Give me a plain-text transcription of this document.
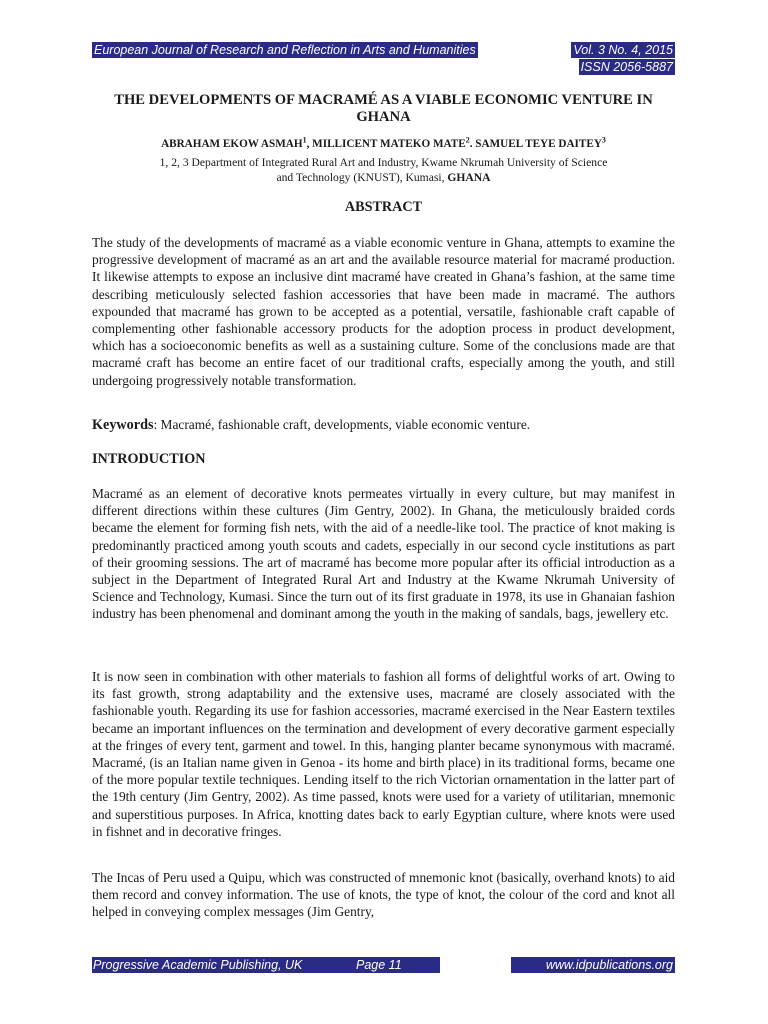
European Journal of Research and Reflection in Arts and Humanities	Vol. 3 No. 4, 2015
ISSN 2056-5887
THE DEVELOPMENTS OF MACRAMÉ AS A VIABLE ECONOMIC VENTURE IN GHANA
ABRAHAM EKOW ASMAH$^1$, MILLICENT MATEKO MATE$^2$. SAMUEL TEYE DAITEY$^3$
1, 2, 3 Department of Integrated Rural Art and Industry, Kwame Nkrumah University of Science and Technology (KNUST), Kumasi, GHANA
ABSTRACT

The study of the developments of macramé as a viable economic venture in Ghana, attempts to examine the progressive development of macramé as an art and the available resource material for macramé production. It likewise attempts to expose an inclusive dint macramé have created in Ghana’s fashion, at the same time describing meticulously selected fashion accessories that have been made in macramé. The authors expounded that macramé has grown to be accepted as a potential, versatile, fashionable craft capable of complementing other fashionable accessory products for the adoption process in product development, which has a socioeconomic benefits as well as a sustaining culture. Some of the conclusions made are that macramé craft has become an entire facet of our traditional crafts, especially among the youth, and still undergoing progressively notable transformation.

Keywords: Macramé, fashionable craft, developments, viable economic venture.

INTRODUCTION

Macramé as an element of decorative knots permeates virtually in every culture, but may manifest in different directions within these cultures (Jim Gentry, 2002). In Ghana, the meticulously braided cords became the element for forming fish nets, with the aid of a needle-like tool. The practice of knot making is predominantly practiced among youth scouts and cadets, especially in our second cycle institutions as part of their grooming sessions. The art of macramé has become more popular after its official introduction as a subject in the Department of Integrated Rural Art and Industry at the Kwame Nkrumah University of Science and Technology, Kumasi. Since the turn out of its first graduate in 1978, its use in Ghanaian fashion industry has been phenomenal and dominant among the youth in the making of sandals, bags, jewellery etc.

It is now seen in combination with other materials to fashion all forms of delightful works of art. Owing to its fast growth, strong adaptability and the extensive uses, macramé are closely associated with the fashionable youth. Regarding its use for fashion accessories, macramé exercised in the Near Eastern textiles became an important influences on the termination and development of every decorative garment especially at the fringes of every tent, garment and towel. In this, hanging planter became synonymous with macramé. Macramé, (is an Italian name given in Genoa - its home and birth place) in its traditional forms, became one of the more popular textile techniques. Lending itself to the rich Victorian ornamentation in the latter part of the 19th century (Jim Gentry, 2002). As time passed, knots were used for a variety of utilitarian, mnemonic and superstitious purposes. In Africa, knotting dates back to early Egyptian culture, where knots were used in fishnet and in decorative fringes.

The Incas of Peru used a Quipu, which was constructed of mnemonic knot (basically, overhand knots) to aid them record and convey information. The use of knots, the type of knot, the colour of the cord and knot all helped in conveying complex messages (Jim Gentry,

Progressive Academic Publishing, UK	Page 11	www.idpublications.org
